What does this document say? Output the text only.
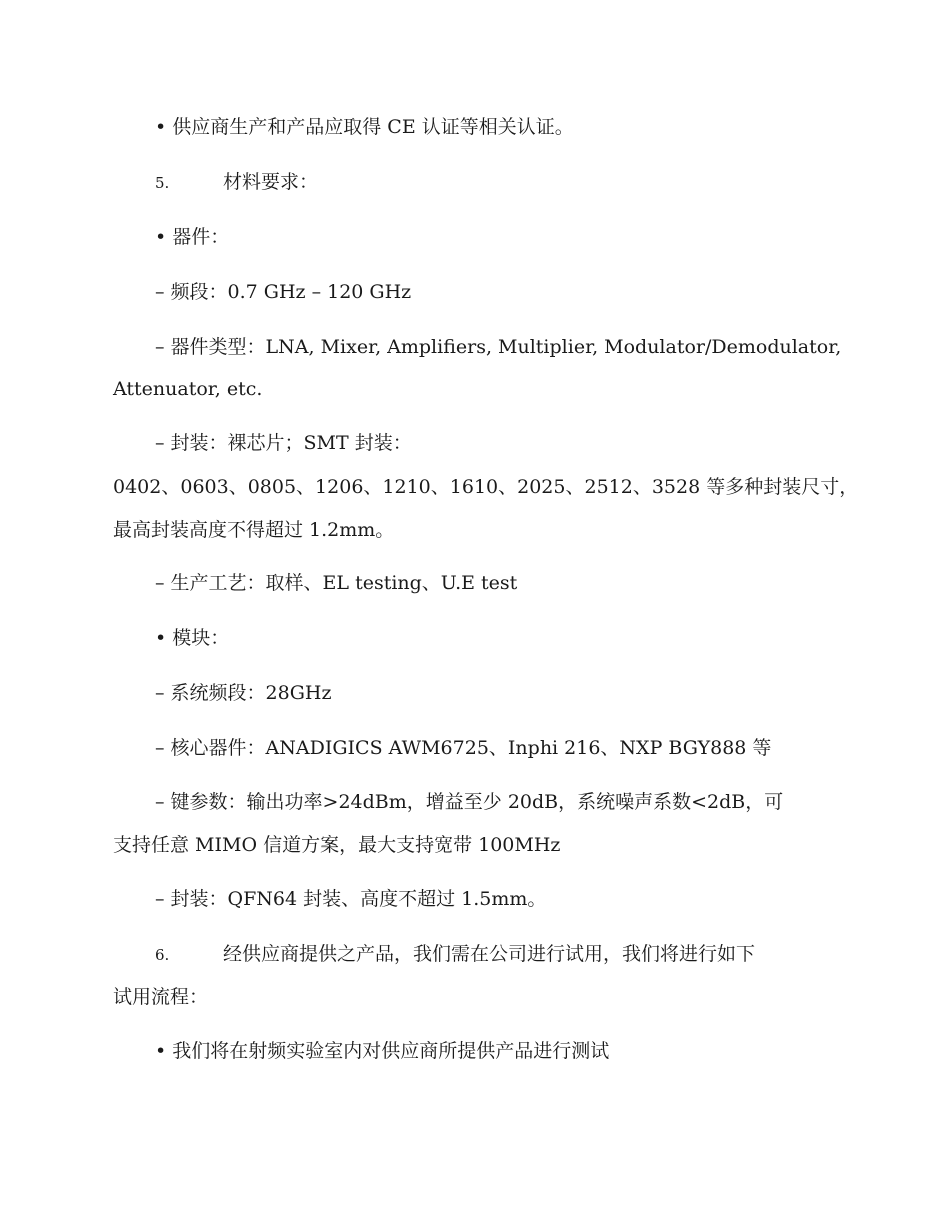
• 供应商生产和产品应取得 CE 认证等相关认证。
5.	材料要求：
• 器件：
– 频段：0.7 GHz – 120 GHz
– 器件类型：LNA, Mixer, Amplifiers, Multiplier, Modulator/Demodulator,
Attenuator, etc.
– 封装：裸芯片；SMT 封装：
0402、0603、0805、1206、1210、1610、2025、2512、3528 等多种封装尺寸，
最高封装高度不得超过 1.2mm。
– 生产工艺：取样、EL testing、U.E test
• 模块：
– 系统频段：28GHz
– 核心器件：ANADIGICS AWM6725、Inphi 216、NXP BGY888 等
– 键参数：输出功率>24dBm，增益至少 20dB，系统噪声系数<2dB，可
支持任意 MIMO 信道方案，最大支持宽带 100MHz
– 封装：QFN64 封装、高度不超过 1.5mm。
6.	经供应商提供之产品，我们需在公司进行试用，我们将进行如下
试用流程：
• 我们将在射频实验室内对供应商所提供产品进行测试
